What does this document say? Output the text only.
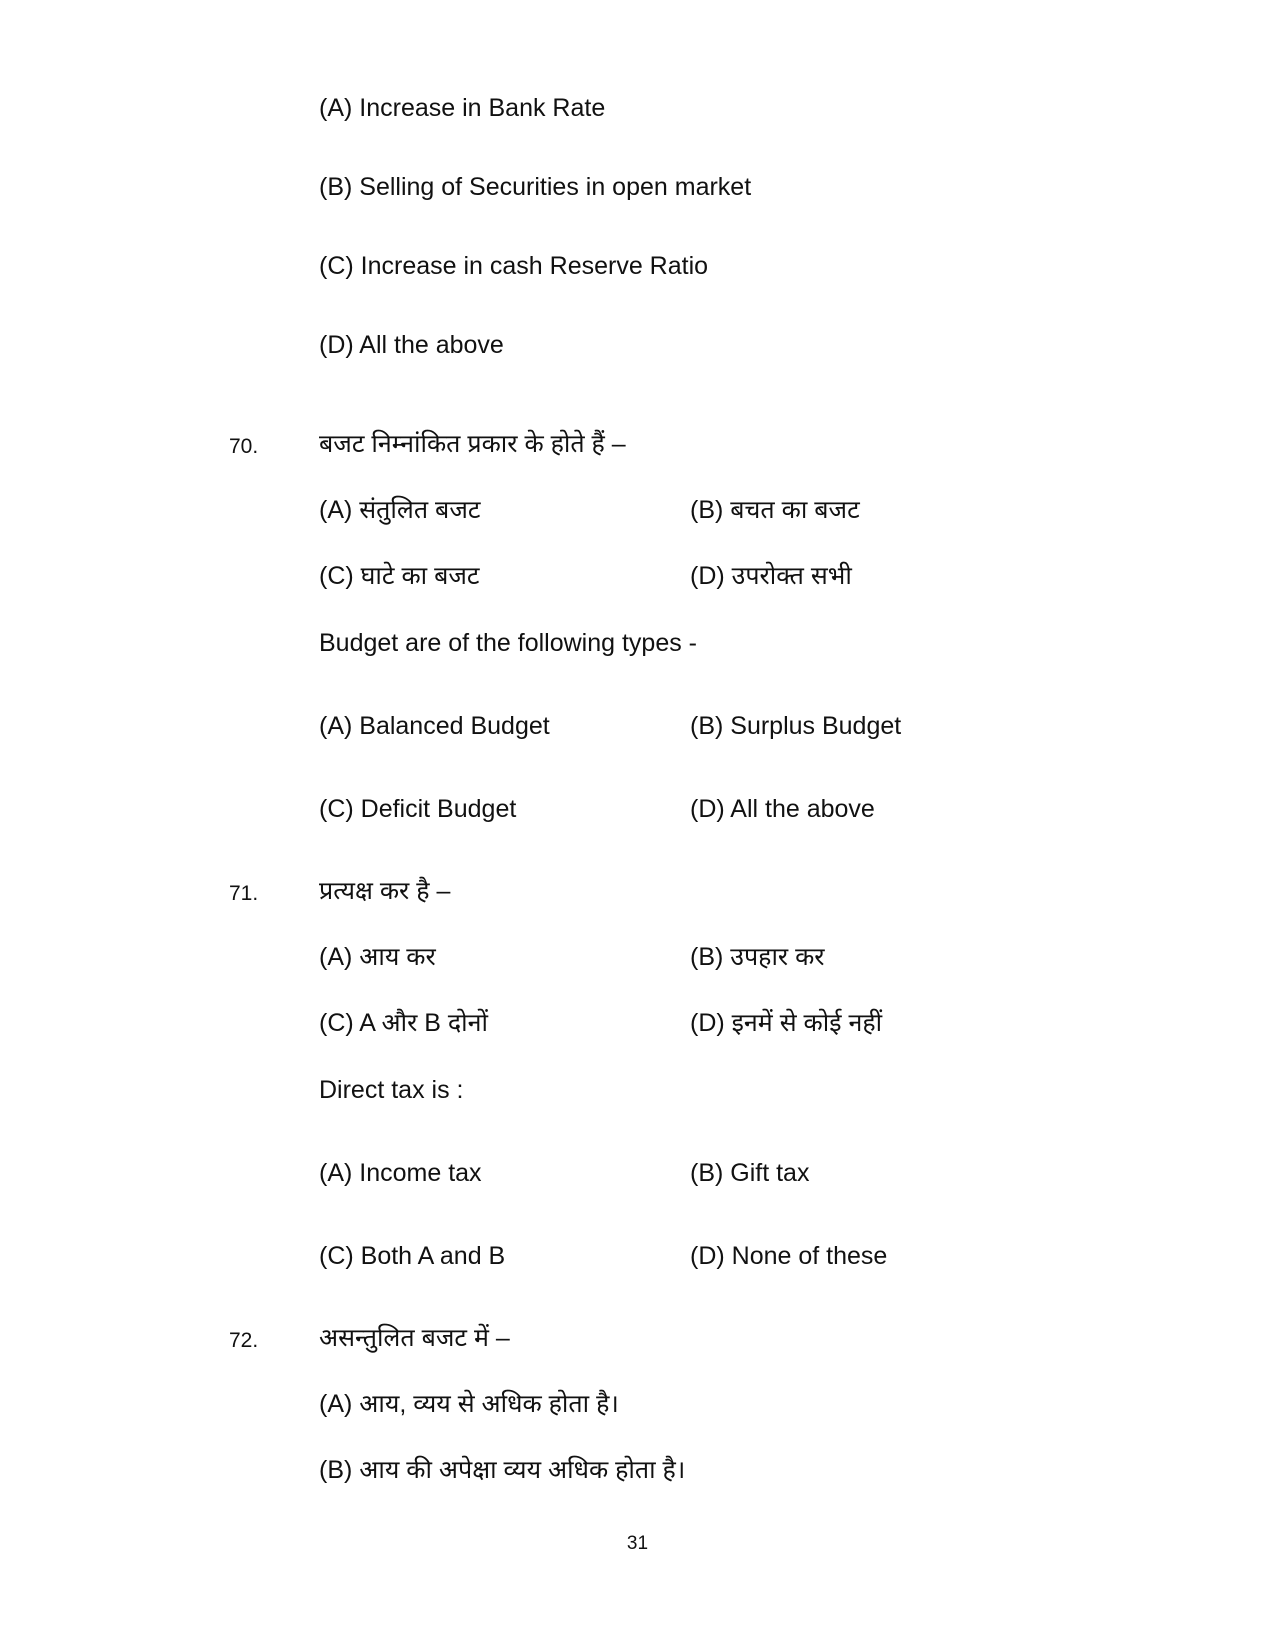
(A) Increase in Bank Rate
(B) Selling of Securities in open market
(C) Increase in cash Reserve Ratio
(D) All the above
70. बजट निम्नांकित प्रकार के होते हैं –
(A) संतुलित बजट	(B) बचत का बजट
(C) घाटे का बजट	(D) उपरोक्त सभी
Budget are of the following types -
(A) Balanced Budget	(B) Surplus Budget
(C) Deficit Budget	(D) All the above
71. प्रत्यक्ष कर है –
(A) आय कर	(B) उपहार कर
(C) A और B दोनों	(D) इनमें से कोई नहीं
Direct tax is :
(A) Income tax	(B) Gift tax
(C) Both A and B	(D) None of these
72. असन्तुलित बजट में –
(A) आय, व्यय से अधिक होता है।
(B) आय की अपेक्षा व्यय अधिक होता है।
31
